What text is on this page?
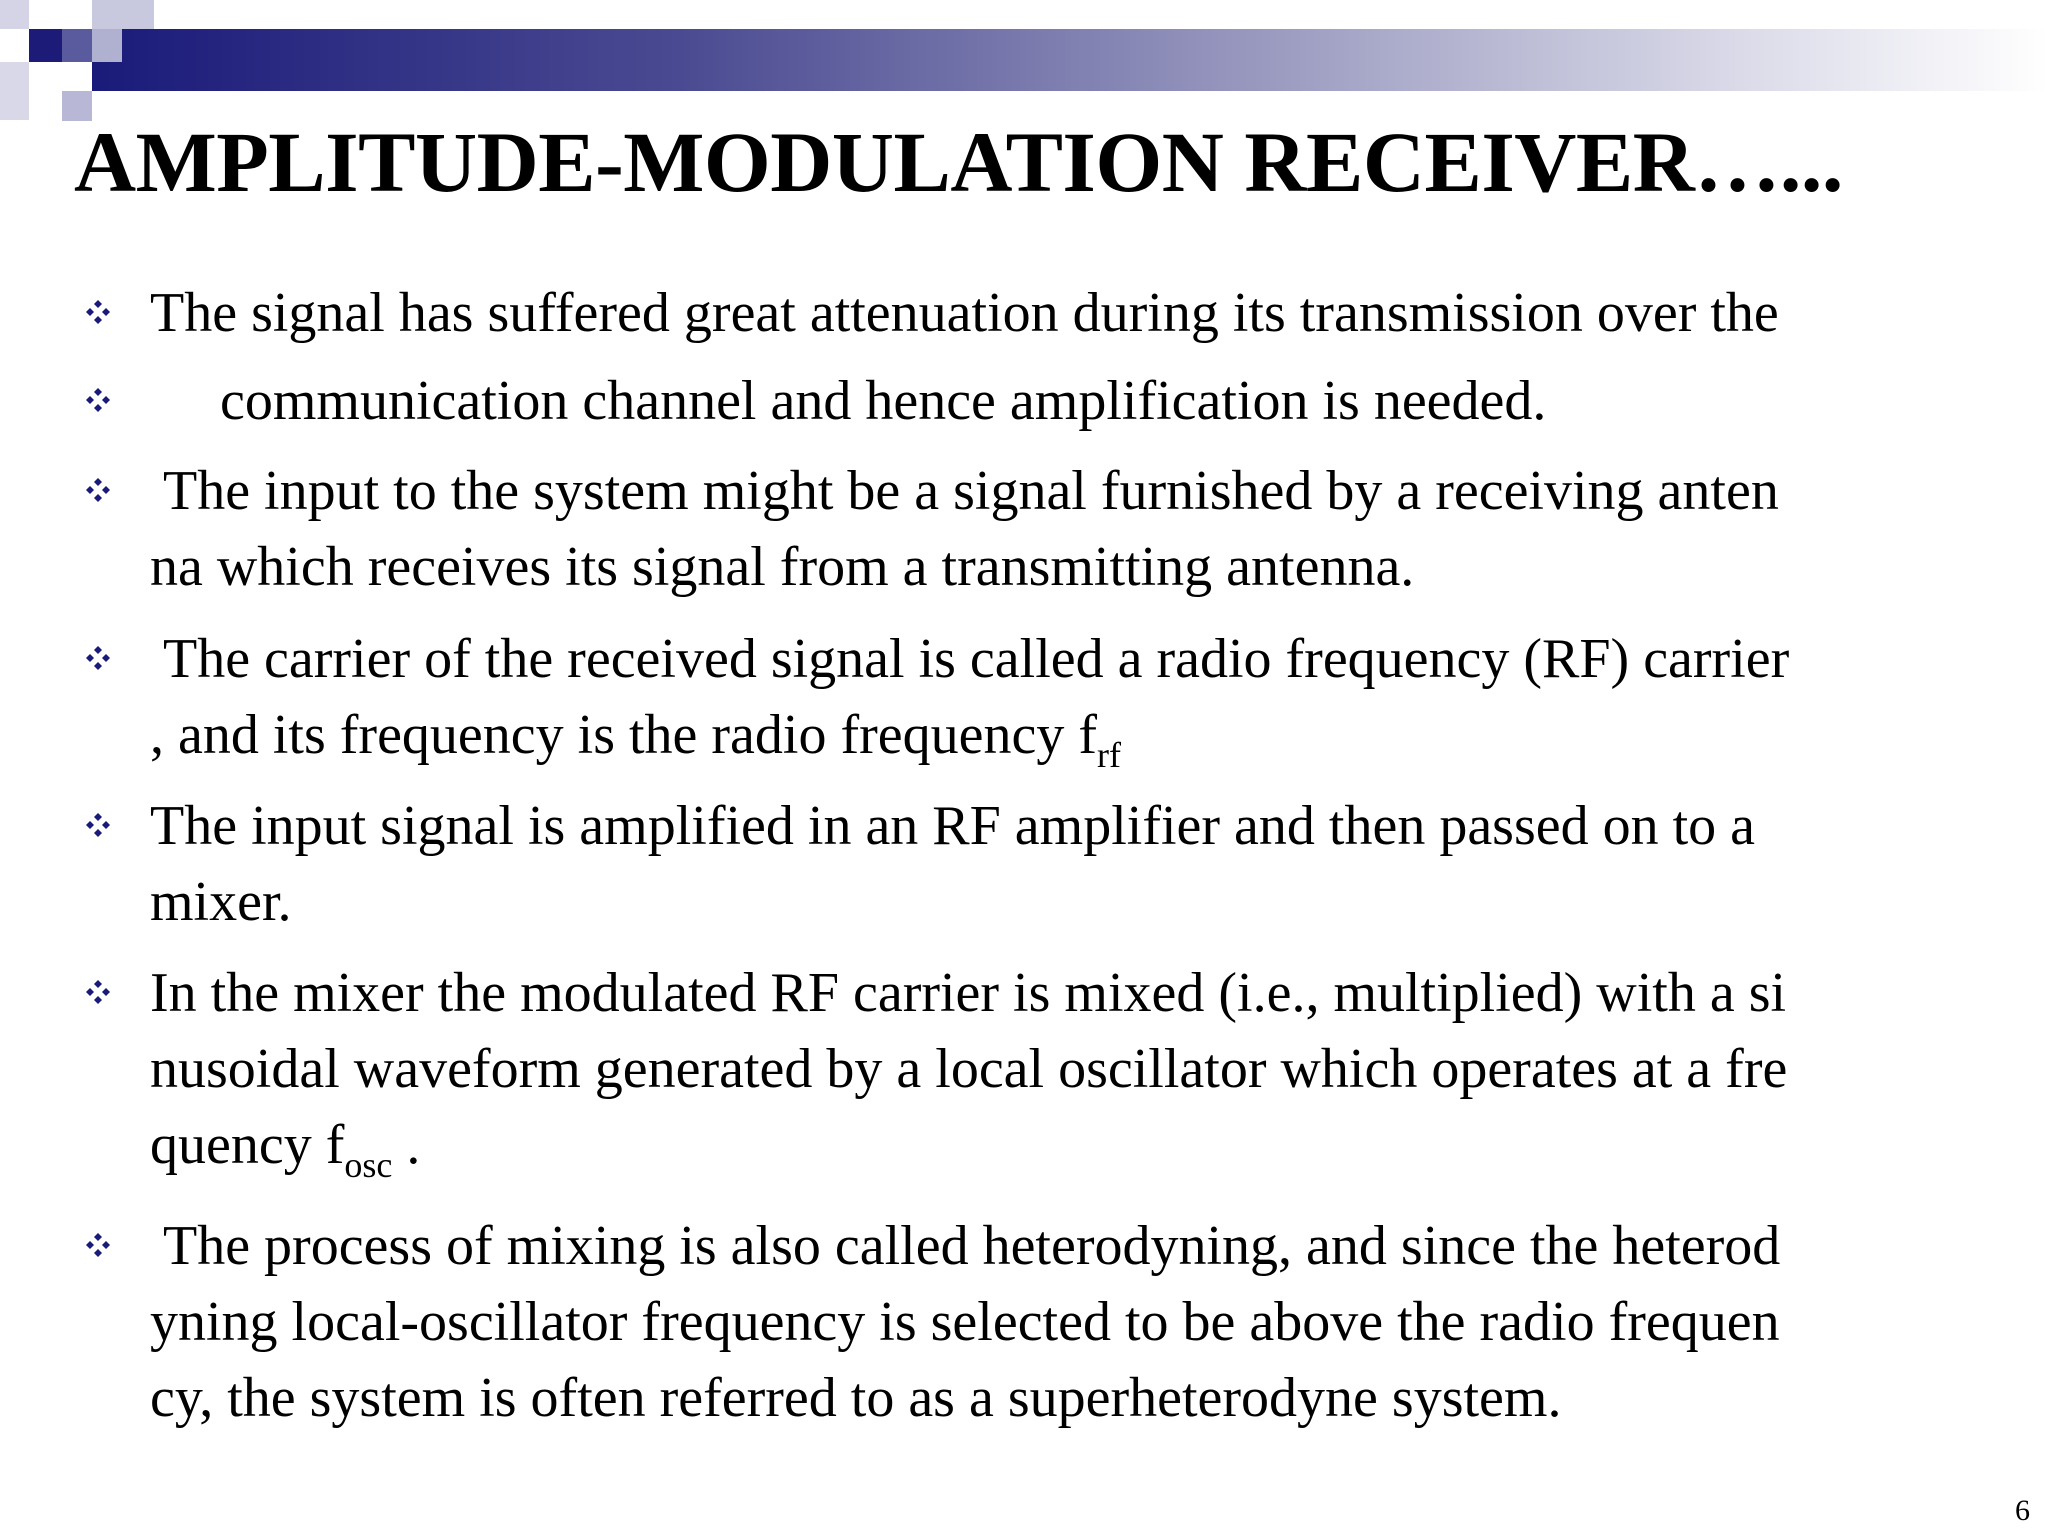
AMPLITUDE-MODULATION RECEIVER…...
The signal has suffered great attenuation during its transmission over the
communication channel and hence amplification is needed.
The input to the system might be a signal furnished by a receiving anten
na which receives its signal from a transmitting antenna.
The carrier of the received signal is called a radio frequency (RF) carrier
, and its frequency is the radio frequency $f_{rf}$
The input signal is amplified in an RF amplifier and then passed on to a
mixer.
In the mixer the modulated RF carrier is mixed (i.e., multiplied) with a si
nusoidal waveform generated by a local oscillator which operates at a fre
quency $f_{osc}$ .
The process of mixing is also called heterodyning, and since the heterod
yning local-oscillator frequency is selected to be above the radio frequen
cy, the system is often referred to as a superheterodyne system.
6
